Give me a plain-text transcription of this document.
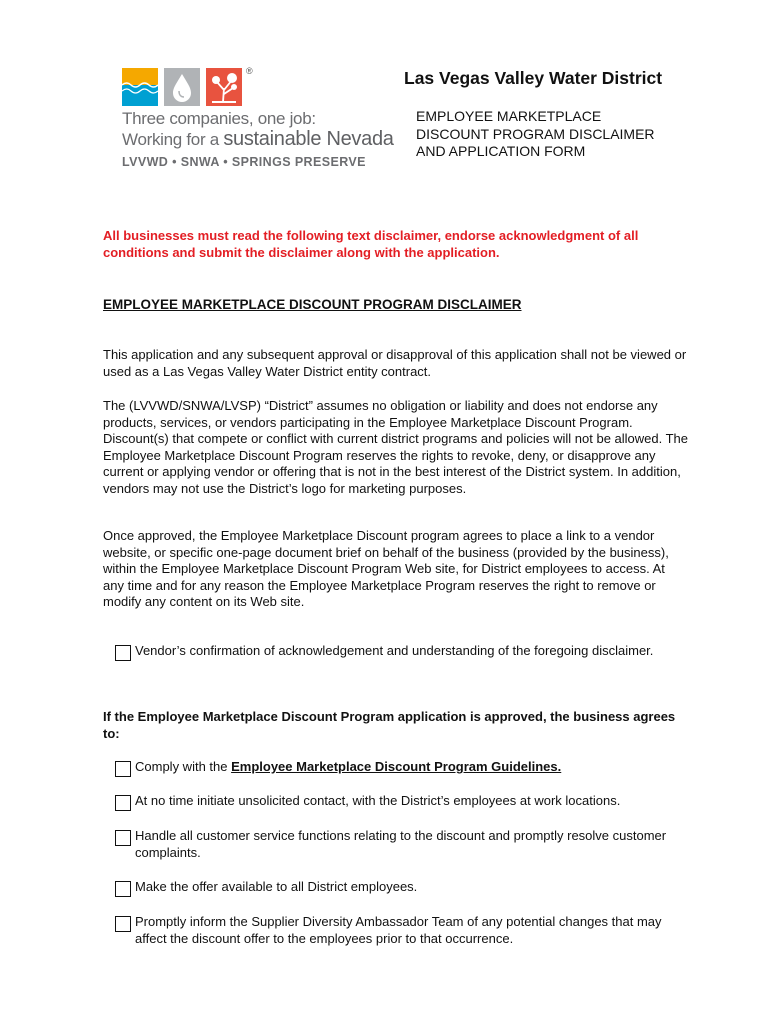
®
Three companies, one job:
Working for a sustainable Nevada
LVVWD • SNWA • SPRINGS PRESERVE
Las Vegas Valley Water District
EMPLOYEE MARKETPLACE
DISCOUNT PROGRAM DISCLAIMER
AND APPLICATION FORM
All businesses must read the following text disclaimer, endorse acknowledgment of all conditions and submit the disclaimer along with the application.
EMPLOYEE MARKETPLACE DISCOUNT PROGRAM DISCLAIMER
This application and any subsequent approval or disapproval of this application shall not be viewed or used as a Las Vegas Valley Water District entity contract.
The (LVVWD/SNWA/LVSP) “District” assumes no obligation or liability and does not endorse any products, services, or vendors participating in the Employee Marketplace Discount Program. Discount(s) that compete or conflict with current district programs and policies will not be allowed. The Employee Marketplace Discount Program reserves the rights to revoke, deny, or disapprove any current or applying vendor or offering that is not in the best interest of the District system. In addition, vendors may not use the District’s logo for marketing purposes.
Once approved, the Employee Marketplace Discount program agrees to place a link to a vendor website, or specific one-page document brief on behalf of the business (provided by the business), within the Employee Marketplace Discount Program Web site, for District employees to access. At any time and for any reason the Employee Marketplace Program reserves the right to remove or modify any content on its Web site.
Vendor’s confirmation of acknowledgement and understanding of the foregoing disclaimer.
If the Employee Marketplace Discount Program application is approved, the business agrees to:
Comply with the Employee Marketplace Discount Program Guidelines.
At no time initiate unsolicited contact, with the District’s employees at work locations.
Handle all customer service functions relating to the discount and promptly resolve customer complaints.
Make the offer available to all District employees.
Promptly inform the Supplier Diversity Ambassador Team of any potential changes that may affect the discount offer to the employees prior to that occurrence.
